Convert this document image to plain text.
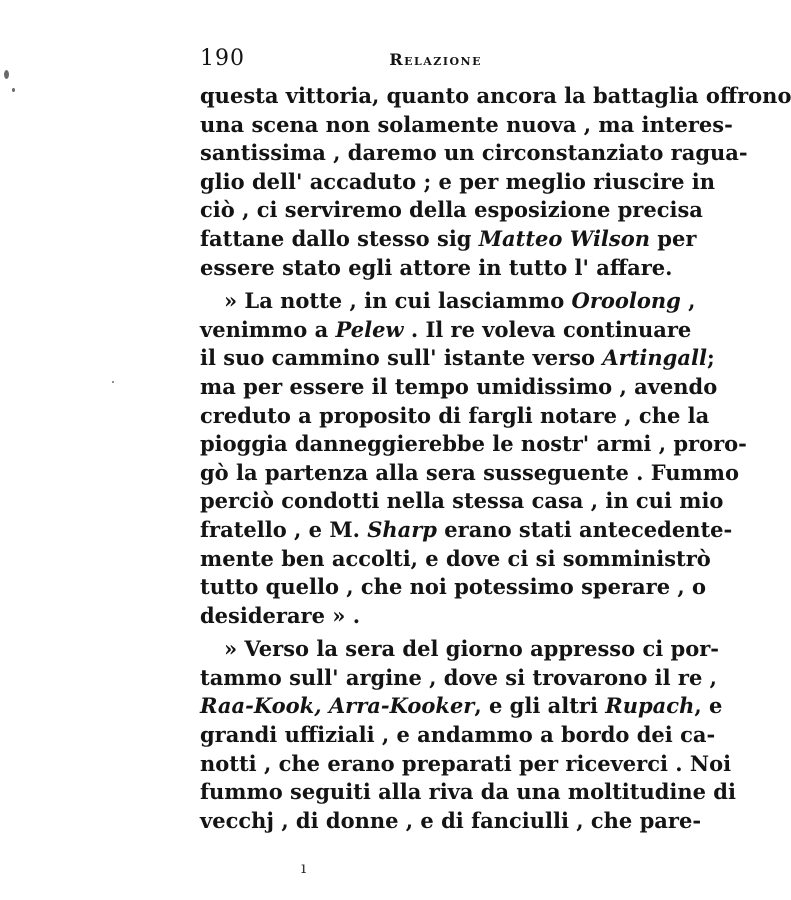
190	Relazione
questa vittoria, quanto ancora la battaglia offrono
una scena non solamente nuova , ma interes-
santissima , daremo un circonstanziato ragua-
glio dell' accaduto ; e per meglio riuscire in
ciò , ci serviremo della esposizione precisa
fattane dallo stesso sig Matteo Wilson per
essere stato egli attore in tutto l' affare.
» La notte , in cui lasciammo Oroolong ,
venimmo a Pelew . Il re voleva continuare
il suo cammino sull' istante verso Artingall;
ma per essere il tempo umidissimo , avendo
creduto a proposito di fargli notare , che la
pioggia danneggierebbe le nostr' armi , proro-
gò la partenza alla sera susseguente . Fummo
perciò condotti nella stessa casa , in cui mio
fratello , e M. Sharp erano stati antecedente-
mente ben accolti, e dove ci si somministrò
tutto quello , che noi potessimo sperare , o
desiderare » .
» Verso la sera del giorno appresso ci por-
tammo sull' argine , dove si trovarono il re ,
Raa-Kook, Arra-Kooker, e gli altri Rupach, e
grandi uffiziali , e andammo a bordo dei ca-
notti , che erano preparati per riceverci . Noi
fummo seguiti alla riva da una moltitudine di
vecchj , di donne , e di fanciulli , che pare-
ı
